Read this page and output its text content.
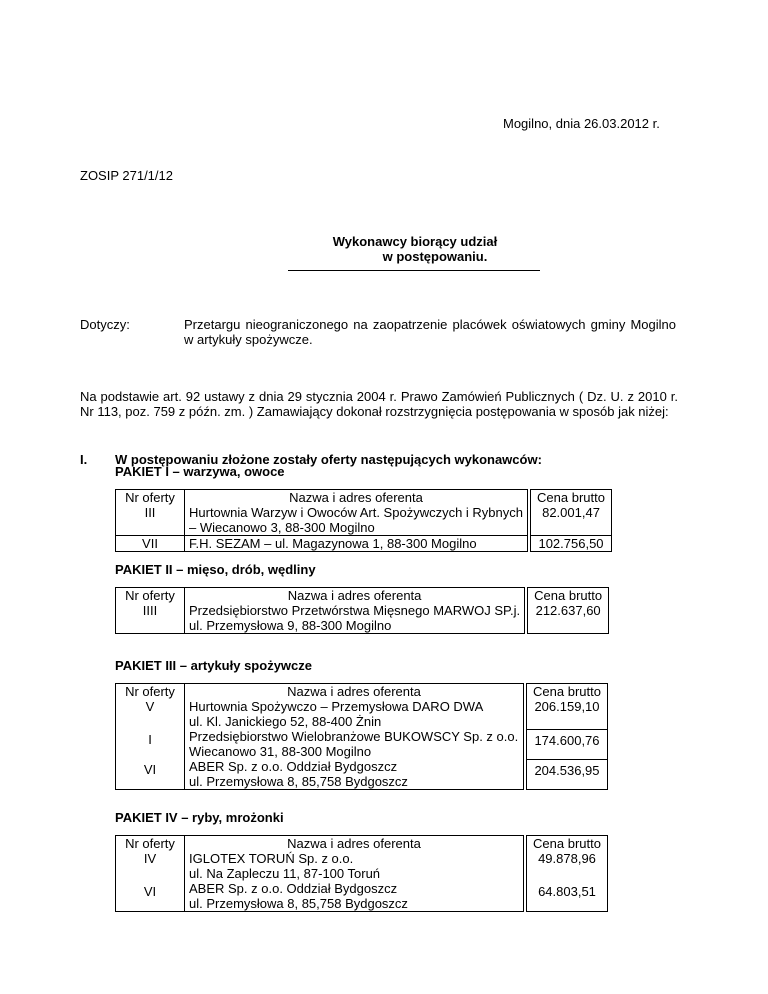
Mogilno, dnia 26.03.2012 r.
ZOSIP 271/1/12
Wykonawcy biorący udział
w postępowaniu.
Dotyczy:	Przetargu nieograniczonego na zaopatrzenie placówek oświatowych gminy Mogilno w artykuły spożywcze.
Na podstawie art. 92 ustawy z dnia 29 stycznia 2004 r. Prawo Zamówień Publicznych ( Dz. U. z 2010 r. Nr 113, poz. 759 z późn. zm. ) Zamawiający dokonał rozstrzygnięcia postępowania w sposób jak niżej:
I. W postępowaniu złożone zostały oferty następujących wykonawców:
PAKIET I – warzywa, owoce
Nr oferty	Nazwa i adres oferenta		Cena brutto
III	Hurtownia Warzyw i Owoców Art. Spożywczych i Rybnych
– Wiecanowo 3, 88-300 Mogilno		82.001,47
VII	F.H. SEZAM – ul. Magazynowa 1, 88-300 Mogilno		102.756,50
PAKIET II – mięso, drób, wędliny
Nr oferty	Nazwa i adres oferenta		Cena brutto
IIII	Przedsiębiorstwo Przetwórstwa Mięsnego MARWOJ SP.j.
ul. Przemysłowa 9, 88-300 Mogilno		212.637,60
PAKIET III – artykuły spożywcze
Nr oferty	Nazwa i adres oferenta		Cena brutto
V	Hurtownia Spożywczo – Przemysłowa DARO DWA
ul. Kl. Janickiego 52, 88-400 Żnin		206.159,10
I	Przedsiębiorstwo Wielobranżowe BUKOWSCY Sp. z o.o.
Wiecanowo 31, 88-300 Mogilno		174.600,76
VI	ABER Sp. z o.o. Oddział Bydgoszcz
ul. Przemysłowa 8, 85,758 Bydgoszcz		204.536,95
PAKIET IV – ryby, mrożonki
Nr oferty	Nazwa i adres oferenta		Cena brutto
IV	IGLOTEX TORUŃ Sp. z o.o.
ul. Na Zapleczu 11, 87-100 Toruń		49.878,96
VI	ABER Sp. z o.o. Oddział Bydgoszcz
ul. Przemysłowa 8, 85,758 Bydgoszcz		64.803,51
